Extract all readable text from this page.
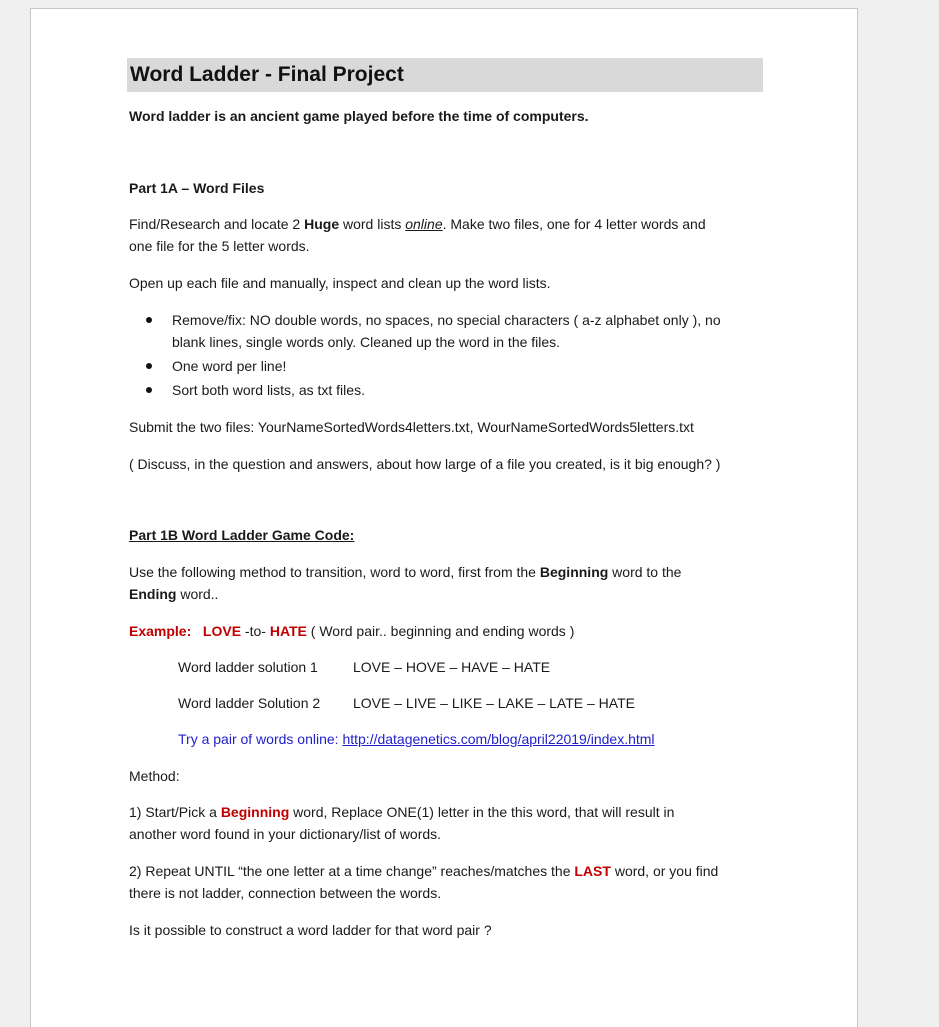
Word Ladder - Final Project

Word ladder is an ancient game played before the time of computers.

Part 1A – Word Files

Find/Research and locate 2 Huge word lists online. Make two files, one for 4 letter words and
one file for the 5 letter words.

Open up each file and manually, inspect and clean up the word lists.

Remove/fix: NO double words, no spaces, no special characters ( a-z alphabet only ), no
blank lines, single words only. Cleaned up the word in the files.
One word per line!
Sort both word lists, as txt files.

Submit the two files: YourNameSortedWords4letters.txt, WourNameSortedWords5letters.txt

( Discuss, in the question and answers, about how large of a file you created, is it big enough? )

Part 1B Word Ladder Game Code:

Use the following method to transition, word to word, first from the Beginning word to the
Ending word..

Example: LOVE -to- HATE ( Word pair.. beginning and ending words )

Word ladder solution 1	LOVE – HOVE – HAVE – HATE

Word ladder Solution 2 LOVE – LIVE – LIKE – LAKE – LATE – HATE

Try a pair of words online: http://datagenetics.com/blog/april22019/index.html

Method:

1) Start/Pick a Beginning word, Replace ONE(1) letter in the this word, that will result in
another word found in your dictionary/list of words.

2) Repeat UNTIL “the one letter at a time change” reaches/matches the LAST word, or you find
there is not ladder, connection between the words.

Is it possible to construct a word ladder for that word pair ?
